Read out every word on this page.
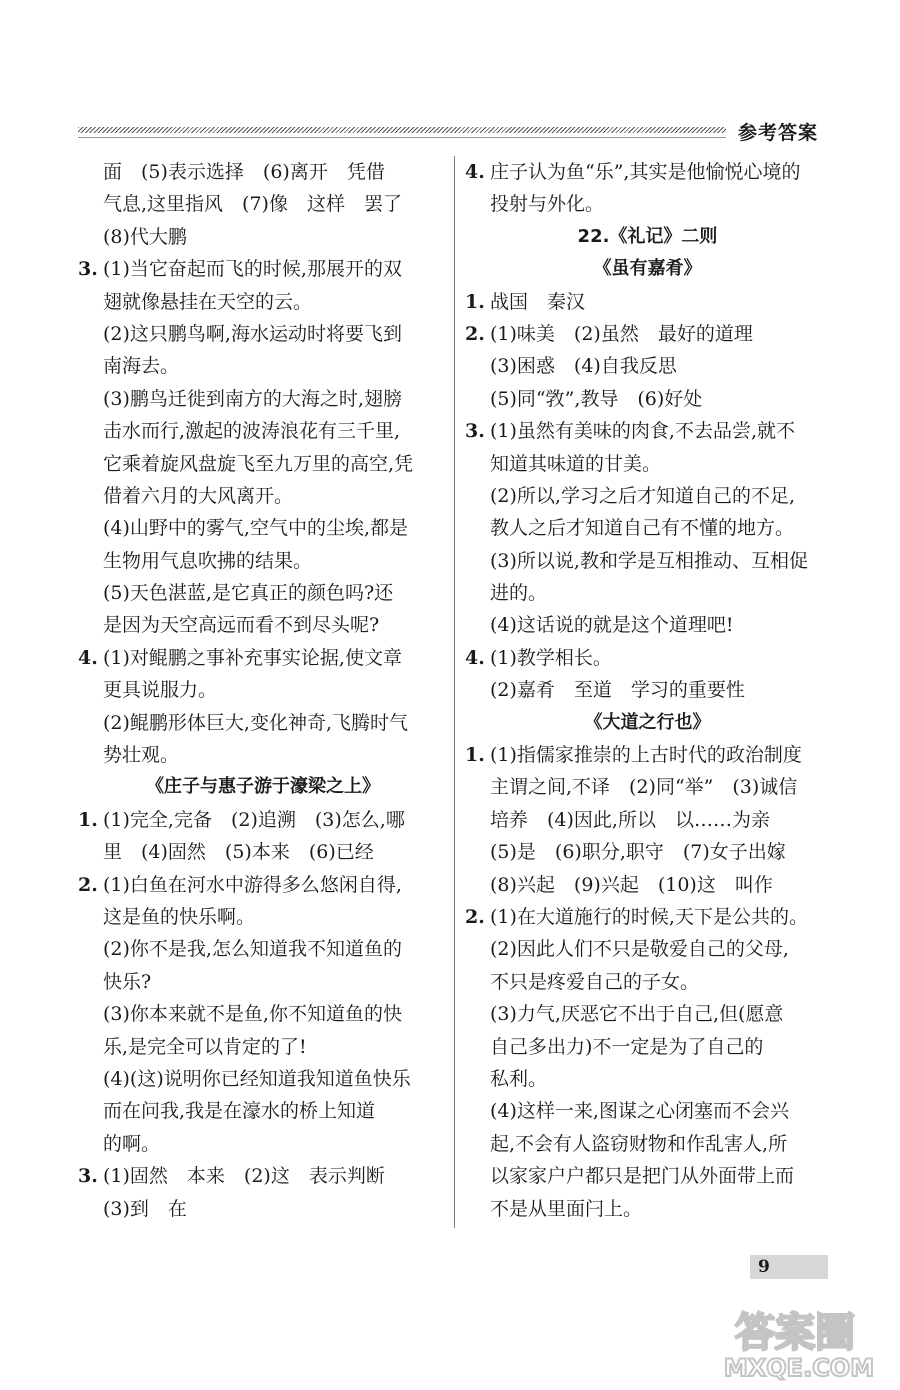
参考答案
面　(5)表示选择　(6)离开　凭借
气息,这里指风　(7)像　这样　罢了
(8)代大鹏
3. (1)当它奋起而飞的时候,那展开的双
翅就像悬挂在天空的云。
(2)这只鹏鸟啊,海水运动时将要飞到
南海去。
(3)鹏鸟迁徙到南方的大海之时,翅膀
击水而行,激起的波涛浪花有三千里,
它乘着旋风盘旋飞至九万里的高空,凭
借着六月的大风离开。
(4)山野中的雾气,空气中的尘埃,都是
生物用气息吹拂的结果。
(5)天色湛蓝,是它真正的颜色吗?还
是因为天空高远而看不到尽头呢?
4. (1)对鲲鹏之事补充事实论据,使文章
更具说服力。
(2)鲲鹏形体巨大,变化神奇,飞腾时气
势壮观。
《庄子与惠子游于濠梁之上》
1. (1)完全,完备　(2)追溯　(3)怎么,哪
里　(4)固然　(5)本来　(6)已经
2. (1)白鱼在河水中游得多么悠闲自得,
这是鱼的快乐啊。
(2)你不是我,怎么知道我不知道鱼的
快乐?
(3)你本来就不是鱼,你不知道鱼的快
乐,是完全可以肯定的了!
(4)(这)说明你已经知道我知道鱼快乐
而在问我,我是在濠水的桥上知道
的啊。
3. (1)固然　本来　(2)这　表示判断
(3)到　在
4. 庄子认为鱼“乐”,其实是他愉悦心境的
投射与外化。
22.《礼记》二则
《虽有嘉肴》
1. 战国　秦汉
2. (1)味美　(2)虽然　最好的道理
(3)困惑　(4)自我反思
(5)同“敩”,教导　(6)好处
3. (1)虽然有美味的肉食,不去品尝,就不
知道其味道的甘美。
(2)所以,学习之后才知道自己的不足,
教人之后才知道自己有不懂的地方。
(3)所以说,教和学是互相推动、互相促
进的。
(4)这话说的就是这个道理吧!
4. (1)教学相长。
(2)嘉肴　至道　学习的重要性
《大道之行也》
1. (1)指儒家推崇的上古时代的政治制度
主谓之间,不译　(2)同“举”　(3)诚信
培养　(4)因此,所以　以……为亲
(5)是　(6)职分,职守　(7)女子出嫁
(8)兴起　(9)兴起　(10)这　叫作
2. (1)在大道施行的时候,天下是公共的。
(2)因此人们不只是敬爱自己的父母,
不只是疼爱自己的子女。
(3)力气,厌恶它不出于自己,但(愿意
自己多出力)不一定是为了自己的
私利。
(4)这样一来,图谋之心闭塞而不会兴
起,不会有人盗窃财物和作乱害人,所
以家家户户都只是把门从外面带上而
不是从里面闩上。
9
答案圈
MXQE.COM
